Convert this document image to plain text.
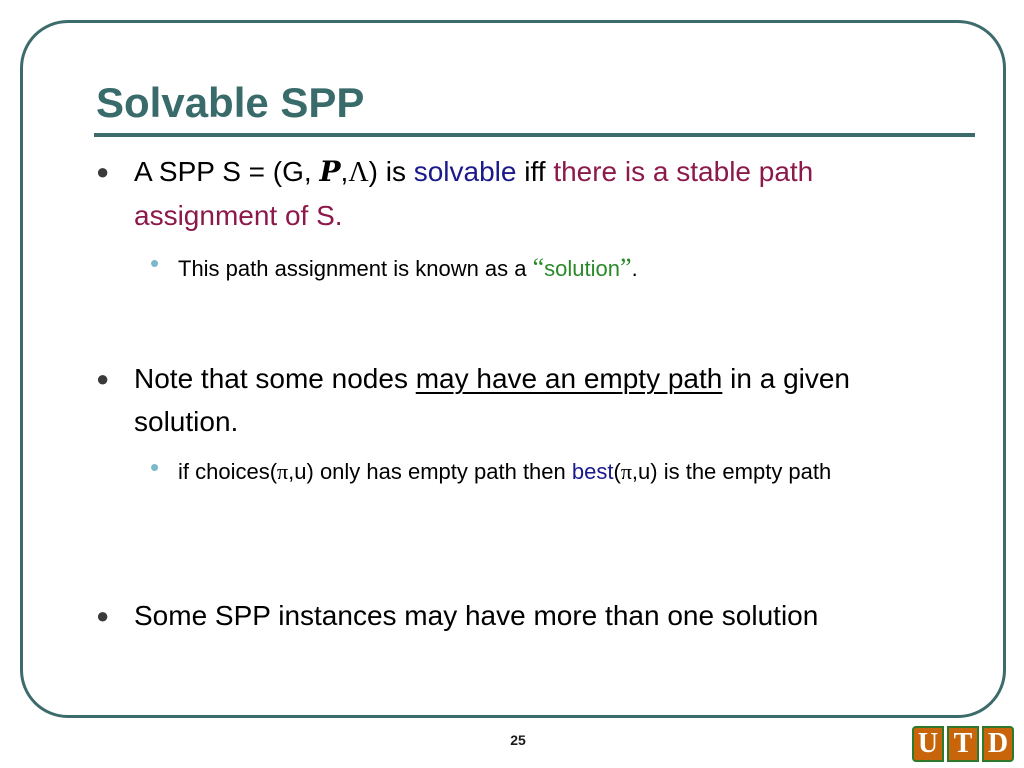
Solvable SPP
● A SPP S = (G, P,Λ) is solvable iff there is a stable path assignment of S.
• This path assignment is known as a “solution”.
● Note that some nodes may have an empty path in a given solution.
• if choices(π,u) only has empty path then best(π,u) is the empty path
● Some SPP instances may have more than one solution
25	U T D
